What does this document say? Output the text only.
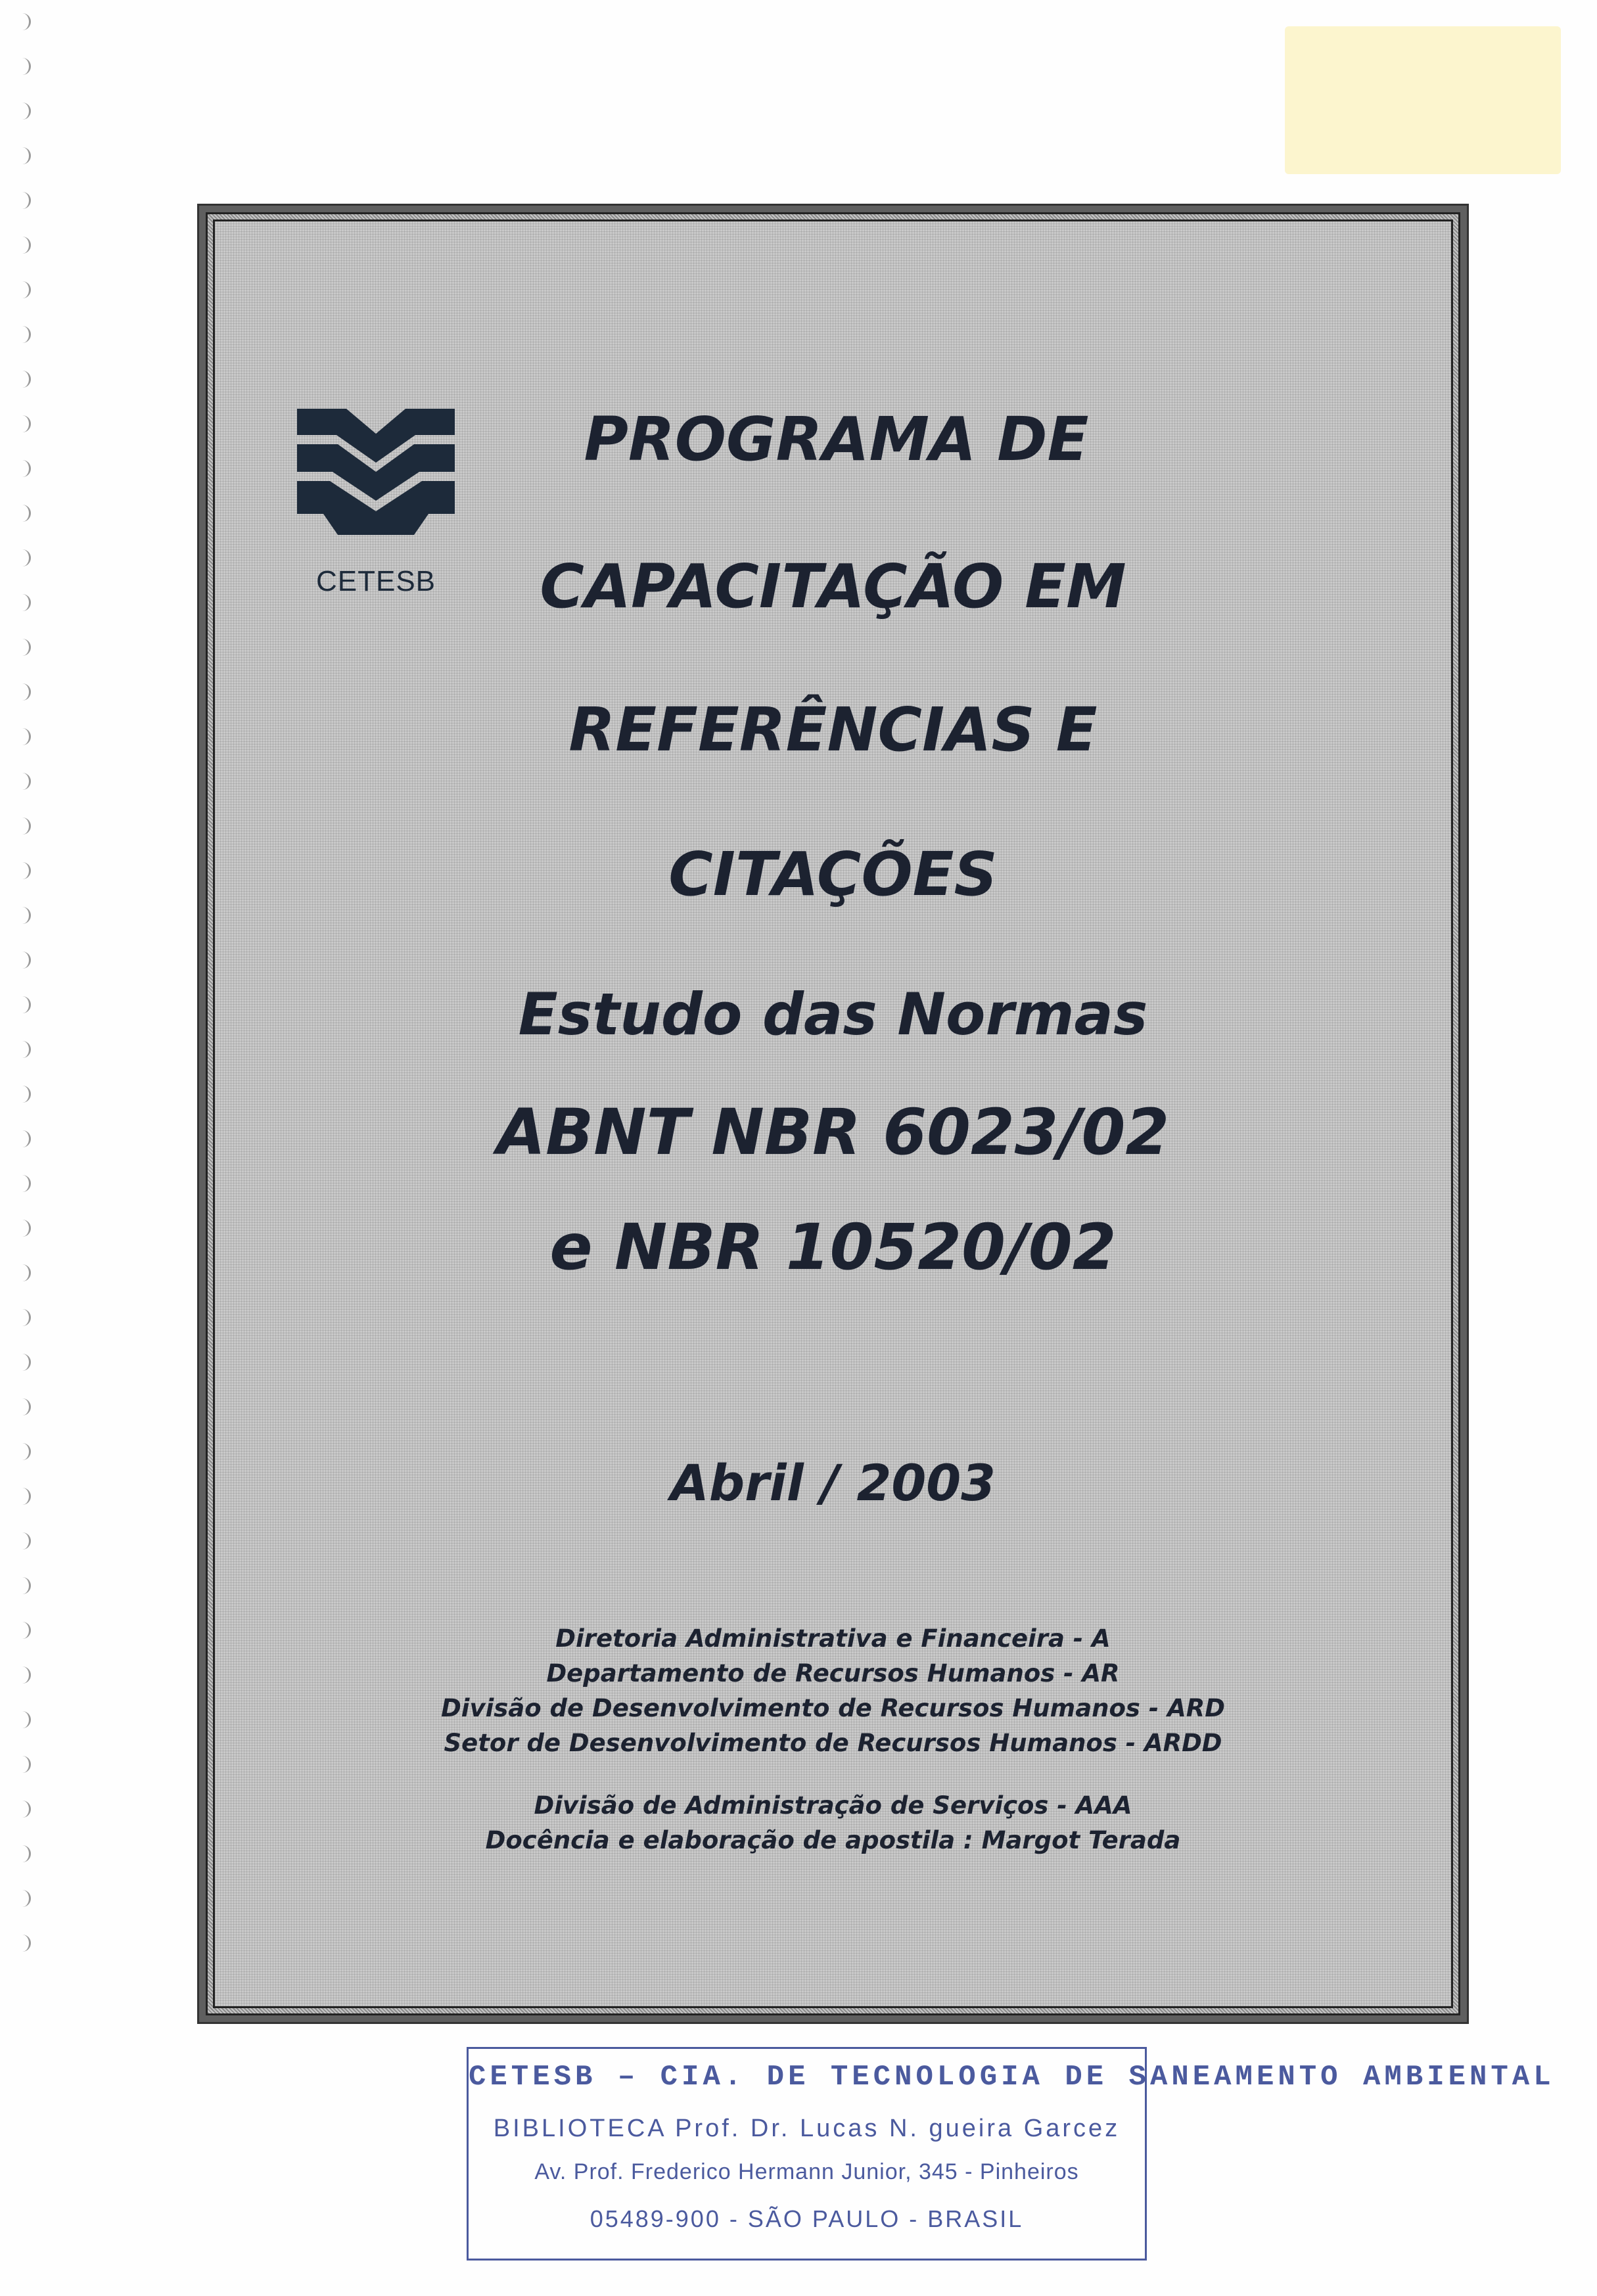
CETESB
PROGRAMA DE
CAPACITAÇÃO EM
REFERÊNCIAS E
CITAÇÕES
Estudo das Normas
ABNT NBR 6023/02
e NBR 10520/02
Abril / 2003
Diretoria Administrativa e Financeira - A
Departamento de Recursos Humanos - AR
Divisão de Desenvolvimento de Recursos Humanos - ARD
Setor de Desenvolvimento de Recursos Humanos - ARDD
Divisão de Administração de Serviços - AAA
Docência e elaboração de apostila : Margot Terada
CETESB – CIA. DE TECNOLOGIA DE SANEAMENTO AMBIENTAL
BIBLIOTECA Prof. Dr. Lucas N. gueira Garcez
Av. Prof. Frederico Hermann Junior, 345 - Pinheiros
05489-900 - SÃO PAULO - BRASIL
